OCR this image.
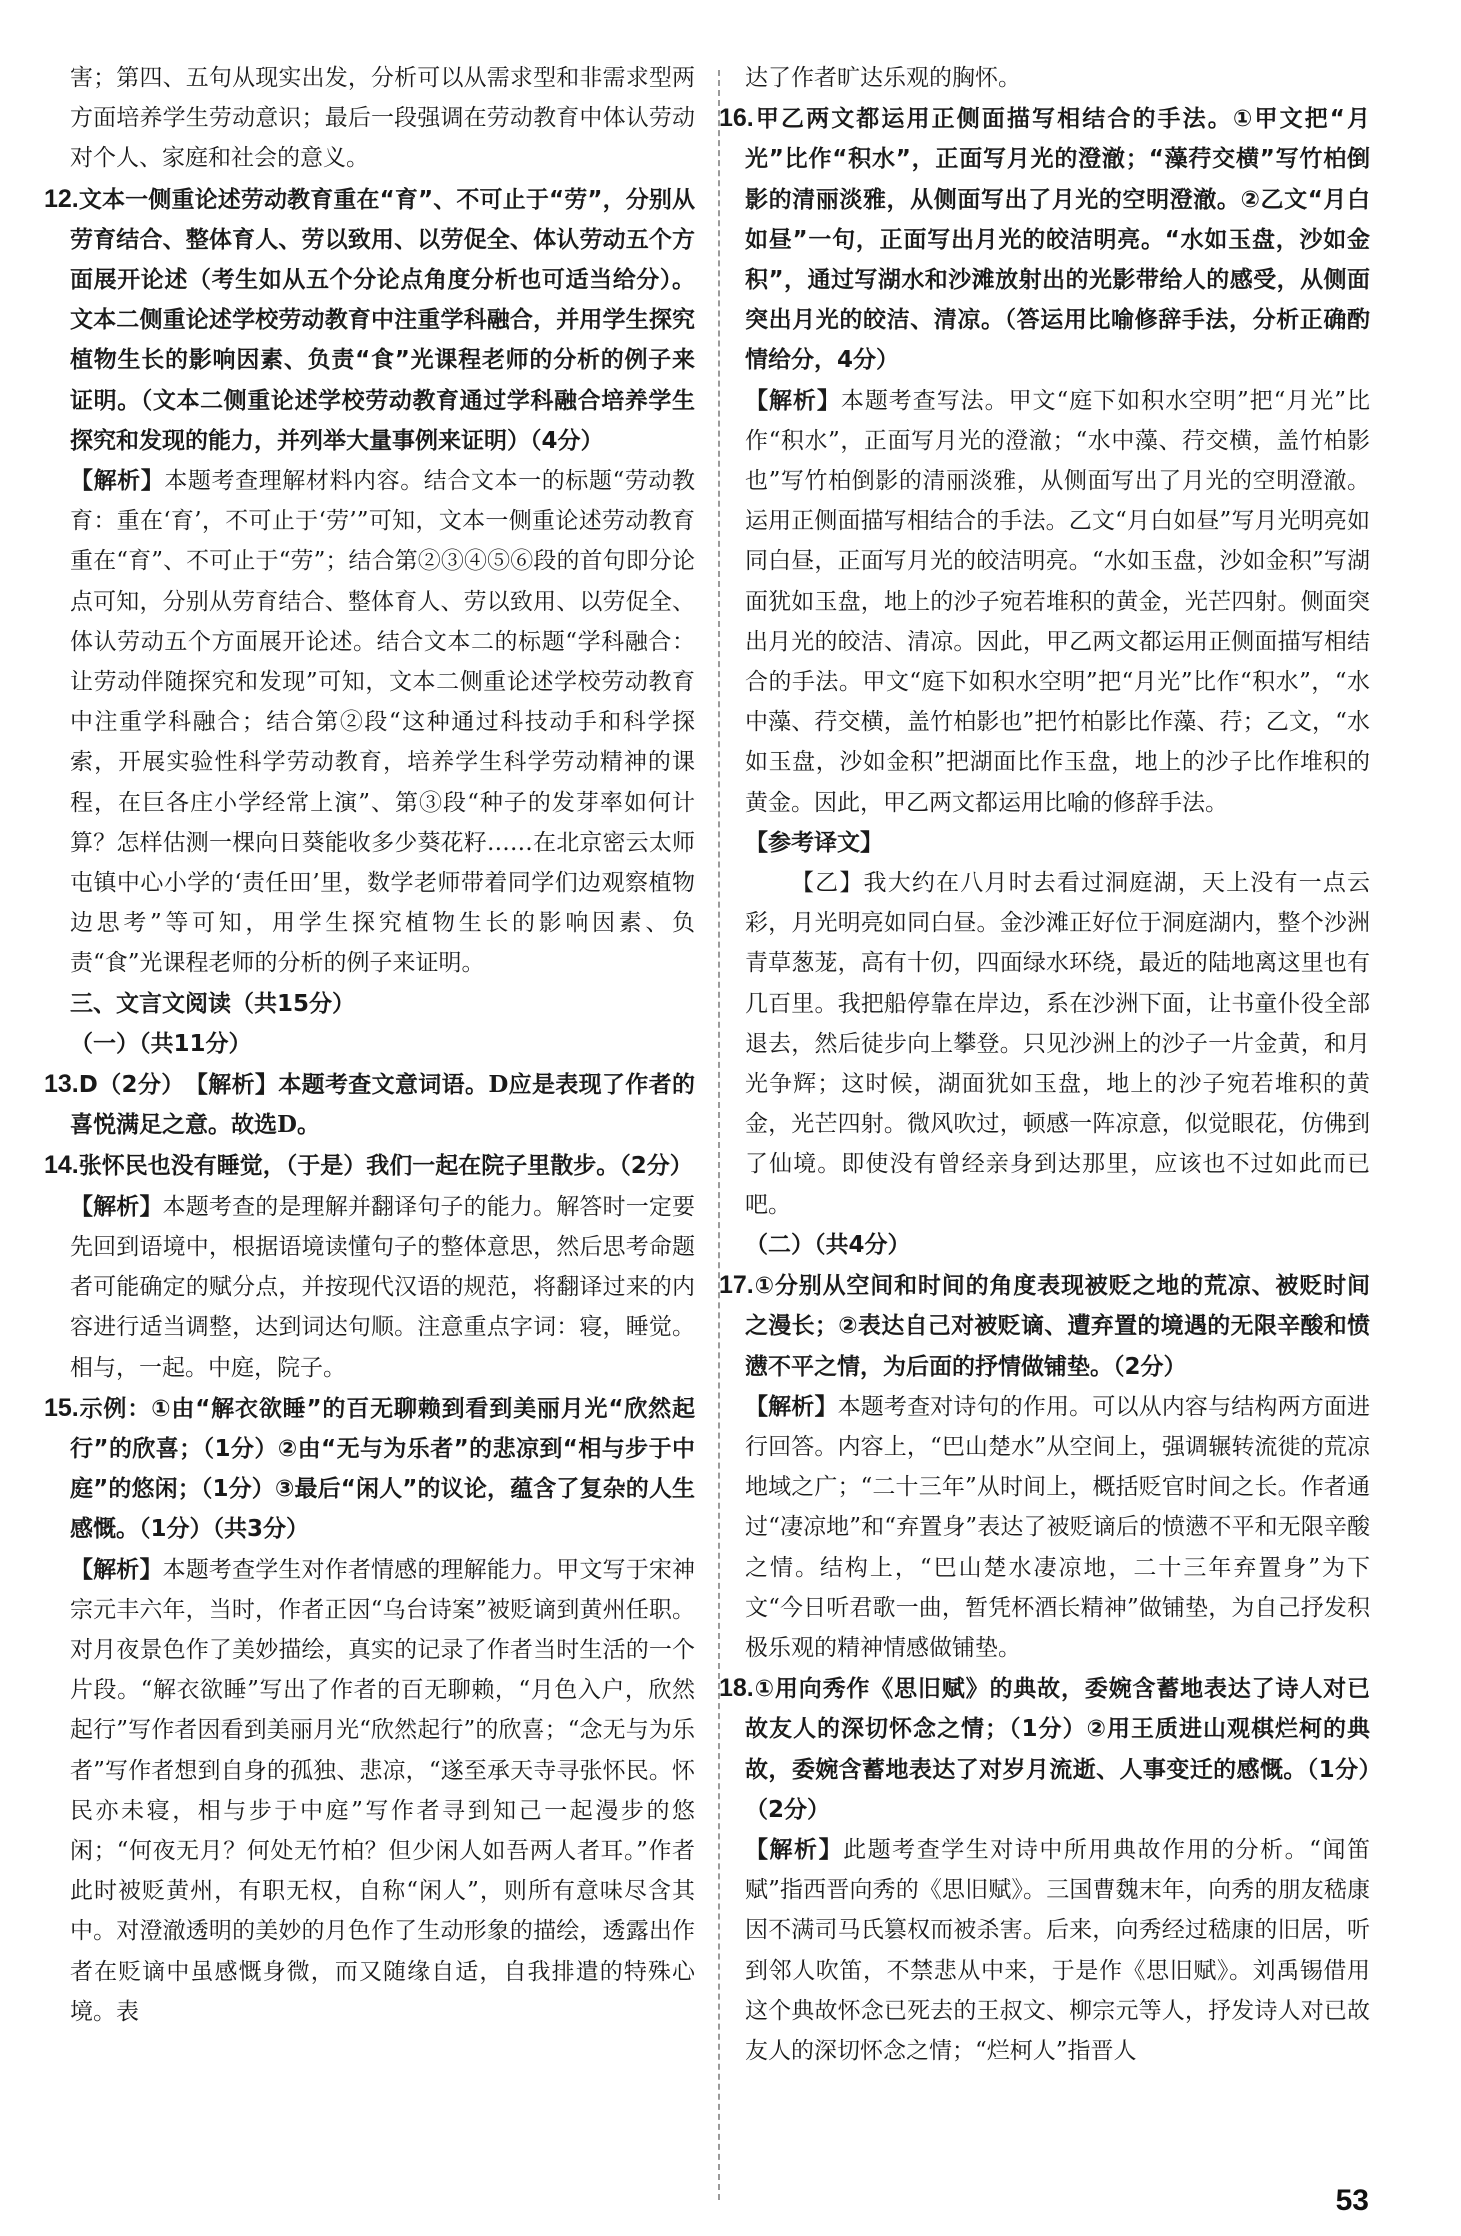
害；第四、五句从现实出发，分析可以从需求型和非需求型两方面培养学生劳动意识；最后一段强调在劳动教育中体认劳动对个人、家庭和社会的意义。

12.文本一侧重论述劳动教育重在“育”、不可止于“劳”，分别从劳育结合、整体育人、劳以致用、以劳促全、体认劳动五个方面展开论述（考生如从五个分论点角度分析也可适当给分）。文本二侧重论述学校劳动教育中注重学科融合，并用学生探究植物生长的影响因素、负责“食”光课程老师的分析的例子来证明。（文本二侧重论述学校劳动教育通过学科融合培养学生探究和发现的能力，并列举大量事例来证明）（4分）

【解析】本题考查理解材料内容。结合文本一的标题“劳动教育：重在‘育’，不可止于‘劳’”可知，文本一侧重论述劳动教育重在“育”、不可止于“劳”；结合第②③④⑤⑥段的首句即分论点可知，分别从劳育结合、整体育人、劳以致用、以劳促全、体认劳动五个方面展开论述。结合文本二的标题“学科融合：让劳动伴随探究和发现”可知，文本二侧重论述学校劳动教育中注重学科融合；结合第②段“这种通过科技动手和科学探索，开展实验性科学劳动教育，培养学生科学劳动精神的课程，在巨各庄小学经常上演”、第③段“种子的发芽率如何计算？怎样估测一棵向日葵能收多少葵花籽……在北京密云太师屯镇中心小学的‘责任田’里，数学老师带着同学们边观察植物边思考”等可知，用学生探究植物生长的影响因素、负责“食”光课程老师的分析的例子来证明。

三、文言文阅读（共15分）

（一）（共11分）

13.D（2分）　 【解析】本题考查文意词语。D应是表现了作者的喜悦满足之意。故选D。

14.张怀民也没有睡觉，（于是）我们一起在院子里散步。（2分）

【解析】本题考查的是理解并翻译句子的能力。解答时一定要先回到语境中，根据语境读懂句子的整体意思，然后思考命题者可能确定的赋分点，并按现代汉语的规范，将翻译过来的内容进行适当调整，达到词达句顺。注意重点字词：寝，睡觉。相与，一起。中庭，院子。

15.示例：①由“解衣欲睡”的百无聊赖到看到美丽月光“欣然起行”的欣喜；（1分）②由“无与为乐者”的悲凉到“相与步于中庭”的悠闲；（1分）③最后“闲人”的议论，蕴含了复杂的人生感慨。（1分）（共3分）

【解析】本题考查学生对作者情感的理解能力。甲文写于宋神宗元丰六年，当时，作者正因“乌台诗案”被贬谪到黄州任职。对月夜景色作了美妙描绘，真实的记录了作者当时生活的一个片段。“解衣欲睡”写出了作者的百无聊赖，“月色入户，欣然起行”写作者因看到美丽月光“欣然起行”的欣喜；“念无与为乐者”写作者想到自身的孤独、悲凉，“遂至承天寺寻张怀民。怀民亦未寝，相与步于中庭”写作者寻到知己一起漫步的悠闲；“何夜无月？何处无竹柏？但少闲人如吾两人者耳。”作者此时被贬黄州，有职无权，自称“闲人”，则所有意味尽含其中。对澄澈透明的美妙的月色作了生动形象的描绘，透露出作者在贬谪中虽感慨身微，而又随缘自适，自我排遣的特殊心境。表

达了作者旷达乐观的胸怀。

16.甲乙两文都运用正侧面描写相结合的手法。①甲文把“月光”比作“积水”，正面写月光的澄澈；“藻荇交横”写竹柏倒影的清丽淡雅，从侧面写出了月光的空明澄澈。②乙文“月白如昼”一句，正面写出月光的皎洁明亮。“水如玉盘，沙如金积”，通过写湖水和沙滩放射出的光影带给人的感受，从侧面突出月光的皎洁、清凉。（答运用比喻修辞手法，分析正确酌情给分，4分）

【解析】本题考查写法。甲文“庭下如积水空明”把“月光”比作“积水”，正面写月光的澄澈；“水中藻、荇交横，盖竹柏影也”写竹柏倒影的清丽淡雅，从侧面写出了月光的空明澄澈。运用正侧面描写相结合的手法。乙文“月白如昼”写月光明亮如同白昼，正面写月光的皎洁明亮。“水如玉盘，沙如金积”写湖面犹如玉盘，地上的沙子宛若堆积的黄金，光芒四射。侧面突出月光的皎洁、清凉。因此，甲乙两文都运用正侧面描写相结合的手法。甲文“庭下如积水空明”把“月光”比作“积水”，“水中藻、荇交横，盖竹柏影也”把竹柏影比作藻、荇；乙文，“水如玉盘，沙如金积”把湖面比作玉盘，地上的沙子比作堆积的黄金。因此，甲乙两文都运用比喻的修辞手法。

【参考译文】

【乙】我大约在八月时去看过洞庭湖，天上没有一点云彩，月光明亮如同白昼。金沙滩正好位于洞庭湖内，整个沙洲青草葱茏，高有十仞，四面绿水环绕，最近的陆地离这里也有几百里。我把船停靠在岸边，系在沙洲下面，让书童仆役全部退去，然后徒步向上攀登。只见沙洲上的沙子一片金黄，和月光争辉；这时候，湖面犹如玉盘，地上的沙子宛若堆积的黄金，光芒四射。微风吹过，顿感一阵凉意，似觉眼花，仿佛到了仙境。即使没有曾经亲身到达那里，应该也不过如此而已吧。

（二）（共4分）

17.①分别从空间和时间的角度表现被贬之地的荒凉、被贬时间之漫长；②表达自己对被贬谪、遭弃置的境遇的无限辛酸和愤懑不平之情，为后面的抒情做铺垫。（2分）

【解析】本题考查对诗句的作用。可以从内容与结构两方面进行回答。内容上，“巴山楚水”从空间上，强调辗转流徙的荒凉地域之广；“二十三年”从时间上，概括贬官时间之长。作者通过“凄凉地”和“弃置身”表达了被贬谪后的愤懑不平和无限辛酸之情。结构上，“巴山楚水凄凉地，二十三年弃置身”为下文“今日听君歌一曲，暂凭杯酒长精神”做铺垫，为自己抒发积极乐观的精神情感做铺垫。

18.①用向秀作《思旧赋》的典故，委婉含蓄地表达了诗人对已故友人的深切怀念之情；（1分）②用王质进山观棋烂柯的典故，委婉含蓄地表达了对岁月流逝、人事变迁的感慨。（1分）（2分）

【解析】此题考查学生对诗中所用典故作用的分析。“闻笛赋”指西晋向秀的《思旧赋》。三国曹魏末年，向秀的朋友嵇康因不满司马氏篡权而被杀害。后来，向秀经过嵇康的旧居，听到邻人吹笛，不禁悲从中来，于是作《思旧赋》。刘禹锡借用这个典故怀念已死去的王叔文、柳宗元等人，抒发诗人对已故友人的深切怀念之情；“烂柯人”指晋人

53
